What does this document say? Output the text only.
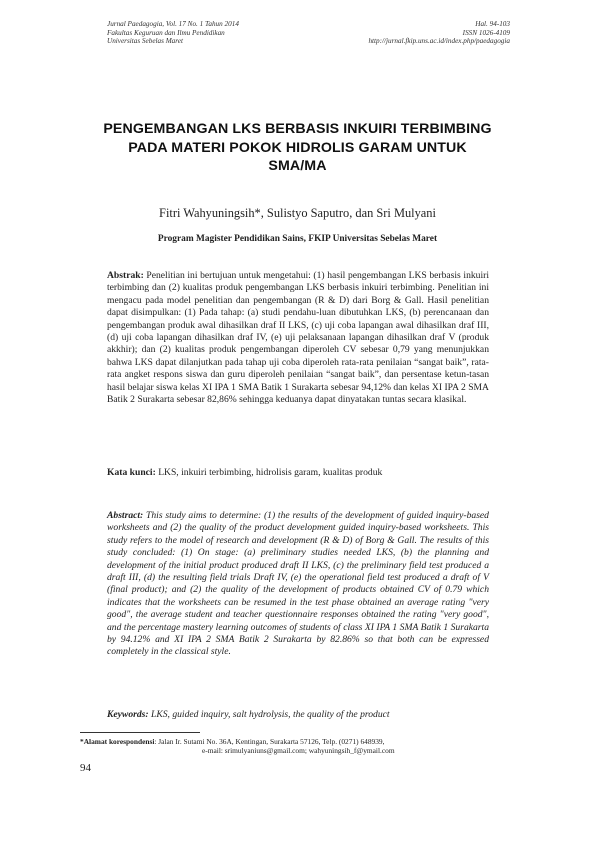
Jurnal Paedagogia, Vol. 17 No. 1 Tahun 2014
Fakultas Keguruan dan Ilmu Pendidikan
Universitas Sebelas Maret
Hal. 94-103
ISSN 1026-4109
http://jurnal.fkip.uns.ac.id/index.php/paedagogia
PENGEMBANGAN LKS BERBASIS INKUIRI TERBIMBING PADA MATERI POKOK HIDROLIS GARAM UNTUK SMA/MA
Fitri Wahyuningsih*, Sulistyo Saputro, dan Sri Mulyani
Program Magister Pendidikan Sains, FKIP Universitas Sebelas Maret

Abstrak: Penelitian ini bertujuan untuk mengetahui: (1) hasil pengembangan LKS berbasis inkuiri terbimbing dan (2) kualitas produk pengembangan LKS berbasis inkuiri terbimbing. Penelitian ini mengacu pada model penelitian dan pengembangan (R & D) dari Borg & Gall. Hasil penelitian dapat disimpulkan: (1) Pada tahap: (a) studi pendahu-luan dibutuhkan LKS, (b) perencanaan dan pengembangan produk awal dihasilkan draf II LKS, (c) uji coba lapangan awal dihasilkan draf III, (d) uji coba lapangan dihasilkan draf IV, (e) uji pelaksanaan lapangan dihasilkan draf V (produk akkhir); dan (2) kualitas produk pengembangan diperoleh CV sebesar 0,79 yang menunjukkan bahwa LKS dapat dilanjutkan pada tahap uji coba diperoleh rata-rata penilaian “sangat baik”, rata-rata angket respons siswa dan guru diperoleh penilaian “sangat baik”, dan persentase ketun-tasan hasil belajar siswa kelas XI IPA 1 SMA Batik 1 Surakarta sebesar 94,12% dan kelas XI IPA 2 SMA Batik 2 Surakarta sebesar 82,86% sehingga keduanya dapat dinyatakan tuntas secara klasikal.

Kata kunci: LKS, inkuiri terbimbing, hidrolisis garam, kualitas produk

Abstract: This study aims to determine: (1) the results of the development of guided inquiry-based worksheets and (2) the quality of the product development guided inquiry-based worksheets. This study refers to the model of research and development (R & D) of Borg & Gall. The results of this study concluded: (1) On stage: (a) preliminary studies needed LKS, (b) the planning and development of the initial product produced draft II LKS, (c) the preliminary field test produced a draft III, (d) the resulting field trials Draft IV, (e) the operational field test produced a draft of V (final product); and (2) the quality of the development of products obtained CV of 0.79 which indicates that the worksheets can be resumed in the test phase obtained an average rating "very good", the average student and teacher questionnaire responses obtained the rating "very good", and the percentage mastery learning outcomes of students of class XI IPA 1 SMA Batik 1 Surakarta by 94.12% and XI IPA 2 SMA Batik 2 Surakarta by 82.86% so that both can be expressed completely in the classical style.

Keywords: LKS, guided inquiry, salt hydrolysis, the quality of the product
*Alamat korespondensi: Jalan Ir. Sutami No. 36A, Kentingan, Surakarta 57126, Telp. (0271) 648939,
e-mail: srimulyaniuns@gmail.com; wahyuningsih_f@ymail.com
94
